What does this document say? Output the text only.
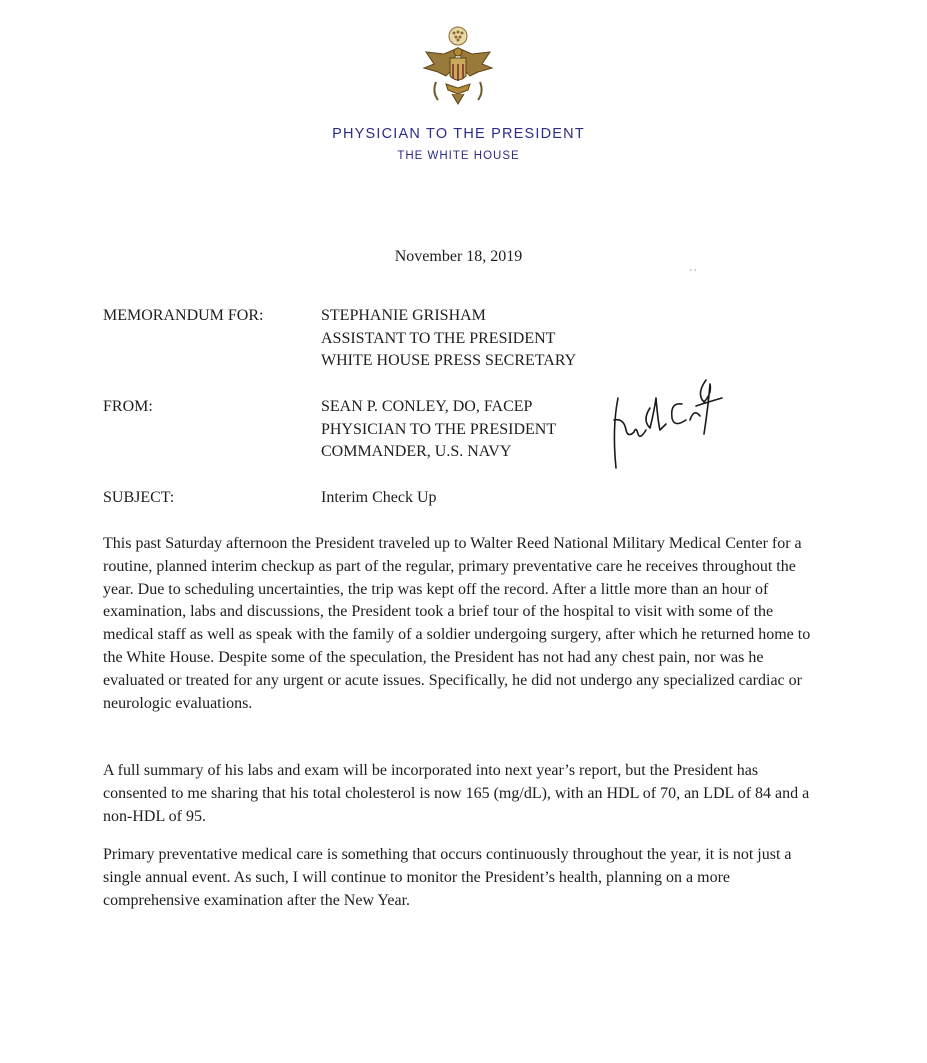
PHYSICIAN TO THE PRESIDENT
THE WHITE HOUSE
November 18, 2019
' '
MEMORANDUM FOR:	STEPHANIE GRISHAM
ASSISTANT TO THE PRESIDENT
WHITE HOUSE PRESS SECRETARY
FROM:	SEAN P. CONLEY, DO, FACEP
PHYSICIAN TO THE PRESIDENT
COMMANDER, U.S. NAVY
SUBJECT:	Interim Check Up

This past Saturday afternoon the President traveled up to Walter Reed National Military Medical Center for a routine, planned interim checkup as part of the regular, primary preventative care he receives throughout the year. Due to scheduling uncertainties, the trip was kept off the record. After a little more than an hour of examination, labs and discussions, the President took a brief tour of the hospital to visit with some of the medical staff as well as speak with the family of a soldier undergoing surgery, after which he returned home to the White House. Despite some of the speculation, the President has not had any chest pain, nor was he evaluated or treated for any urgent or acute issues. Specifically, he did not undergo any specialized cardiac or neurologic evaluations.

A full summary of his labs and exam will be incorporated into next year’s report, but the President has consented to me sharing that his total cholesterol is now 165 (mg/dL), with an HDL of 70, an LDL of 84 and a non-HDL of 95.

Primary preventative medical care is something that occurs continuously throughout the year, it is not just a single annual event. As such, I will continue to monitor the President’s health, planning on a more comprehensive examination after the New Year.
